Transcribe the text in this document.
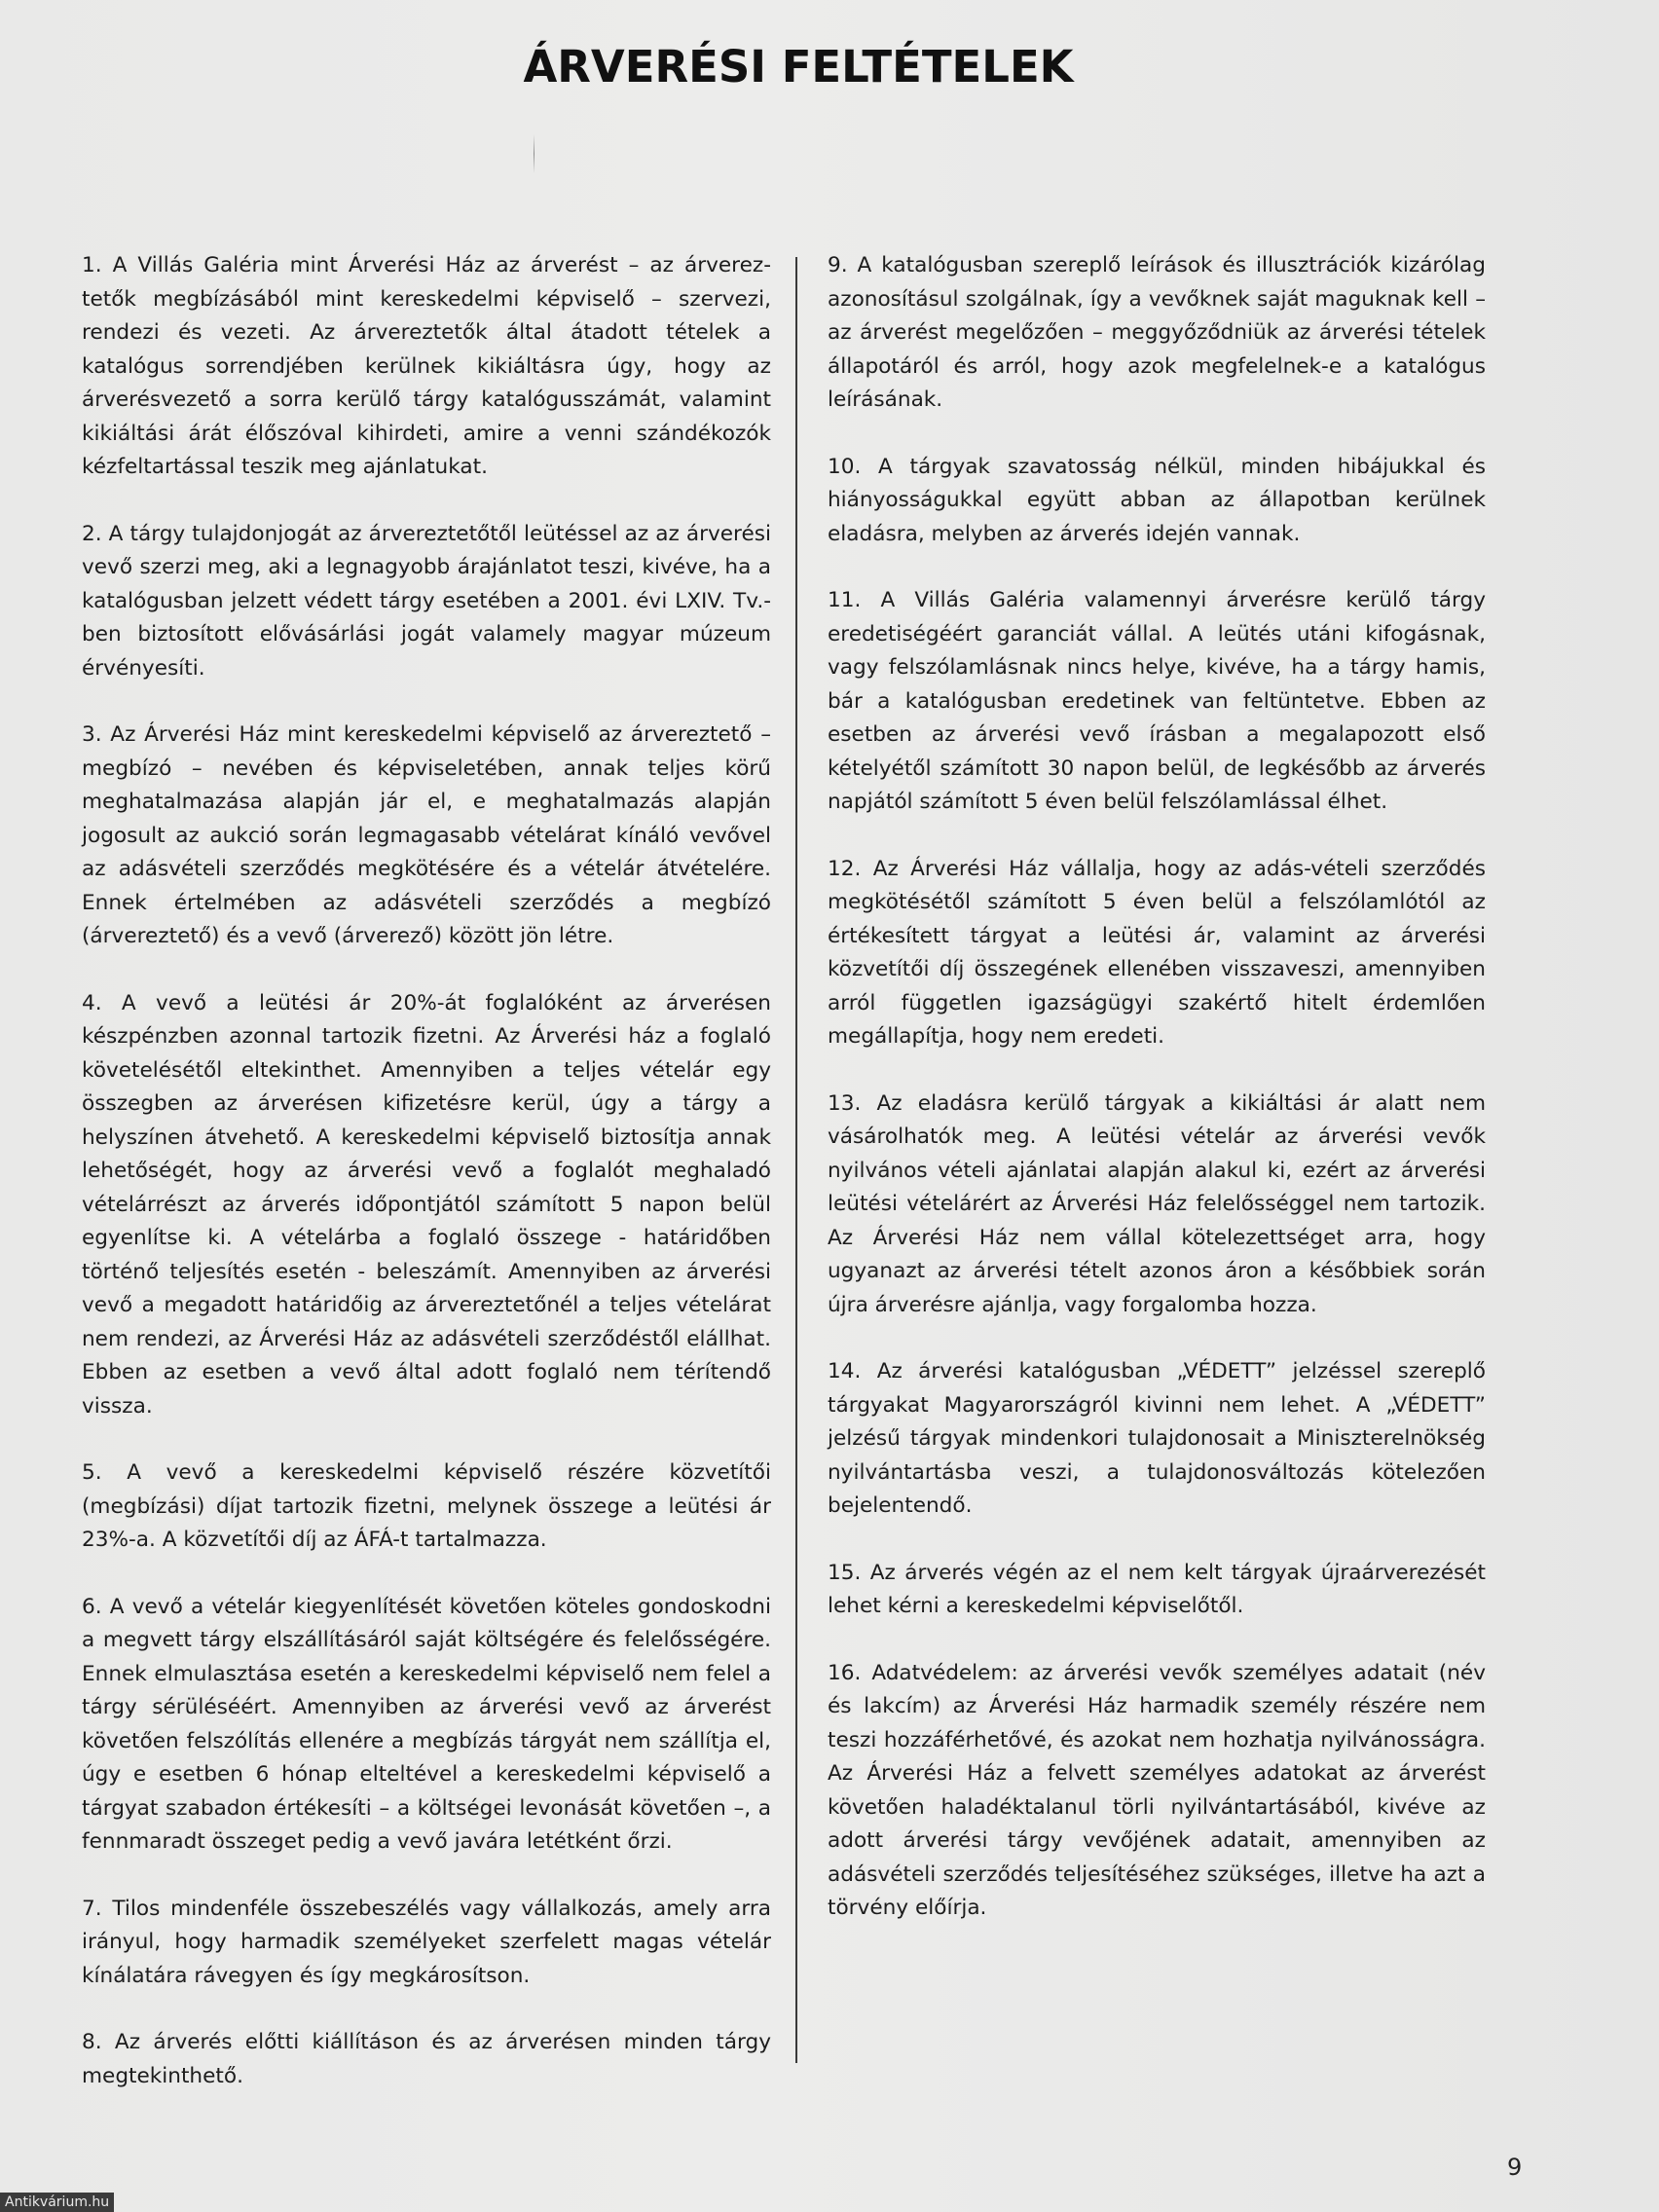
ÁRVERÉSI FELTÉTELEK

1. A Villás Galéria mint Árverési Ház az árverést – az árvereztetők megbízásából mint kereskedelmi képviselő – szervezi, rendezi és vezeti. Az árvereztetők által átadott tételek a katalógus sorrendjében kerülnek kikiáltásra úgy, hogy az árverésvezető a sorra kerülő tárgy katalógusszámát, valamint kikiáltási árát élőszóval kihirdeti, amire a venni szándékozók kézfeltartással teszik meg ajánlatukat.

2. A tárgy tulajdonjogát az árvereztetőtől leütéssel az az árverési vevő szerzi meg, aki a legnagyobb árajánlatot teszi, kivéve, ha a katalógusban jelzett védett tárgy esetében a 2001. évi LXIV. Tv.-ben biztosított elővásárlási jogát valamely magyar múzeum érvényesíti.

3. Az Árverési Ház mint kereskedelmi képviselő az árvereztető – megbízó – nevében és képviseletében, annak teljes körű meghatalmazása alapján jár el, e meghatalmazás alapján jogosult az aukció során legmagasabb vételárat kínáló vevővel az adásvételi szerződés megkötésére és a vételár átvételére. Ennek értelmében az adásvételi szerződés a megbízó (árvereztető) és a vevő (árverező) között jön létre.

4. A vevő a leütési ár 20%-át foglalóként az árverésen készpénzben azonnal tartozik fizetni. Az Árverési ház a foglaló követelésétől eltekinthet. Amennyiben a teljes vételár egy összegben az árverésen kifizetésre kerül, úgy a tárgy a helyszínen átvehető. A kereskedelmi képviselő biztosítja annak lehetőségét, hogy az árverési vevő a foglalót meghaladó vételárrészt az árverés időpontjától számított 5 napon belül egyenlítse ki. A vételárba a foglaló összege - határidőben történő teljesítés esetén - beleszámít. Amennyiben az árverési vevő a megadott határidőig az árvereztetőnél a teljes vételárat nem rendezi, az Árverési Ház az adásvételi szerződéstől elállhat. Ebben az esetben a vevő által adott foglaló nem térítendő vissza.

5. A vevő a kereskedelmi képviselő részére közvetítői (megbízási) díjat tartozik fizetni, melynek összege a leütési ár 23%-a. A közvetítői díj az ÁFÁ-t tartalmazza.

6. A vevő a vételár kiegyenlítését követően köteles gondoskodni a megvett tárgy elszállításáról saját költségére és felelősségére. Ennek elmulasztása esetén a kereskedelmi képviselő nem felel a tárgy sérüléséért. Amennyiben az árverési vevő az árverést követően felszólítás ellenére a megbízás tárgyát nem szállítja el, úgy e esetben 6 hónap elteltével a kereskedelmi képviselő a tárgyat szabadon értékesíti – a költségei levonását követően –, a fennmaradt összeget pedig a vevő javára letétként őrzi.

7. Tilos mindenféle összebeszélés vagy vállalkozás, amely arra irányul, hogy harmadik személyeket szerfelett magas vételár kínálatára rávegyen és így megkárosítson.

8. Az árverés előtti kiállításon és az árverésen minden tárgy megtekinthető.

9. A katalógusban szereplő leírások és illusztrációk kizárólag azonosításul szolgálnak, így a vevőknek saját maguknak kell – az árverést megelőzően – meggyőződniük az árverési tételek állapotáról és arról, hogy azok megfelelnek-e a katalógus leírásának.

10. A tárgyak szavatosság nélkül, minden hibájukkal és hiányosságukkal együtt abban az állapotban kerülnek eladásra, melyben az árverés idején vannak.

11. A Villás Galéria valamennyi árverésre kerülő tárgy eredetiségéért garanciát vállal. A leütés utáni kifogásnak, vagy felszólamlásnak nincs helye, kivéve, ha a tárgy hamis, bár a katalógusban eredetinek van feltüntetve. Ebben az esetben az árverési vevő írásban a megalapozott első kételyétől számított 30 napon belül, de legkésőbb az árverés napjától számított 5 éven belül felszólamlással élhet.

12. Az Árverési Ház vállalja, hogy az adás-vételi szerződés megkötésétől számított 5 éven belül a felszólamlótól az értékesített tárgyat a leütési ár, valamint az árverési közvetítői díj összegének ellenében visszaveszi, amennyiben arról független igazságügyi szakértő hitelt érdemlően megállapítja, hogy nem eredeti.

13. Az eladásra kerülő tárgyak a kikiáltási ár alatt nem vásárolhatók meg. A leütési vételár az árverési vevők nyilvános vételi ajánlatai alapján alakul ki, ezért az árverési leütési vételárért az Árverési Ház felelősséggel nem tartozik. Az Árverési Ház nem vállal kötelezettséget arra, hogy ugyanazt az árverési tételt azonos áron a későbbiek során újra árverésre ajánlja, vagy forgalomba hozza.

14. Az árverési katalógusban „VÉDETT” jelzéssel szereplő tárgyakat Magyarországról kivinni nem lehet. A „VÉDETT” jelzésű tárgyak mindenkori tulajdonosait a Miniszterelnökség nyilvántartásba veszi, a tulajdonosváltozás kötelezően bejelentendő.

15. Az árverés végén az el nem kelt tárgyak újraárverezését lehet kérni a kereskedelmi képviselőtől.

16. Adatvédelem: az árverési vevők személyes adatait (név és lakcím) az Árverési Ház harmadik személy részére nem teszi hozzáférhetővé, és azokat nem hozhatja nyilvánosságra. Az Árverési Ház a felvett személyes adatokat az árverést követően haladéktalanul törli nyilvántartásából, kivéve az adott árverési tárgy vevőjének adatait, amennyiben az adásvételi szerződés teljesítéséhez szükséges, illetve ha azt a törvény előírja.

9
Antikvárium.hu
